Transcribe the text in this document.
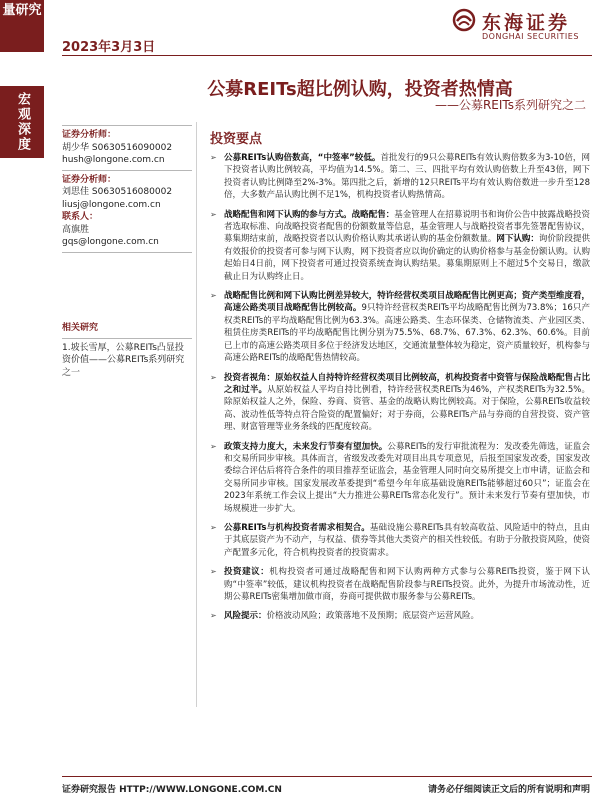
量研究
2023年3月3日
东海证券
DONGHAI SECURITIES
宏观深度
公募REITs超比例认购，投资者热情高
——公募REITs系列研究之二
证券分析师：
胡少华 S0630516090002
hush@longone.com.cn
证券分析师：
刘思佳 S0630516080002
liusj@longone.com.cn
联系人：
高旗胜
gqs@longone.com.cn
相关研究
1.坡长雪厚，公募REITs凸显投资价值——公募REITs系列研究之一
投资要点
➢ 公募REITs认购倍数高，“中签率”较低。首批发行的9只公募REITs有效认购倍数多为3-10倍，网下投资者认购比例较高，平均值为14.5%。第二、三、四批平均有效认购倍数上升至43倍，网下投资者认购比例降至2%-3%。第四批之后，新增的12只REITs平均有效认购倍数进一步升至128倍，大多数产品认购比例不足1%，机构投资者认购热情高。
➢ 战略配售和网下认购的参与方式。战略配售：基金管理人在招募说明书和询价公告中披露战略投资者选取标准、向战略投资者配售的份额数量等信息，基金管理人与战略投资者事先签署配售协议，募集期结束前，战略投资者以认购价格认购其承诺认购的基金份额数量。网下认购：询价阶段提供有效报价的投资者可参与网下认购，网下投资者应以询价确定的认购价格参与基金份额认购。认购起始日4日前，网下投资者可通过投资系统查询认购结果。募集期原则上不超过5个交易日，缴款截止日为认购终止日。
➢ 战略配售比例和网下认购比例差异较大，特许经营权类项目战略配售比例更高；资产类型维度看，高速公路类项目战略配售比例较高。9只特许经营权类REITs平均战略配售比例为73.8%；16只产权类REITs的平均战略配售比例为63.3%。高速公路类、生态环保类、仓储物流类、产业园区类、租赁住房类REITs的平均战略配售比例分别为75.5%、68.7%、67.3%、62.3%、60.6%。目前已上市的高速公路类项目多位于经济发达地区，交通流量整体较为稳定，资产质量较好，机构参与高速公路REITs的战略配售热情较高。
➢ 投资者视角：原始权益人自持特许经营权类项目比例较高，机构投资者中资管与保险战略配售占比之和过半。从原始权益人平均自持比例看，特许经营权类REITs为46%，产权类REITs为32.5%。除原始权益人之外，保险、券商、资管、基金的战略认购比例较高。对于保险，公募REITs收益较高、波动性低等特点符合险资的配置偏好；对于券商，公募REITs产品与券商的自营投资、资产管理、财富管理等业务条线的匹配度较高。
➢ 政策支持力度大，未来发行节奏有望加快。公募REITs的发行审批流程为：发改委先筛选，证监会和交易所同步审核。具体而言，省级发改委先对项目出具专项意见，后报至国家发改委，国家发改委综合评估后将符合条件的项目推荐至证监会，基金管理人同时向交易所提交上市申请，证监会和交易所同步审核。国家发展改革委提到“希望今年年底基础设施REITs能够超过60只”；证监会在2023年系统工作会议上提出“大力推进公募REITs常态化发行”。预计未来发行节奏有望加快，市场规模进一步扩大。
➢ 公募REITs与机构投资者需求相契合。基础设施公募REITs具有较高收益、风险适中的特点，且由于其底层资产为不动产，与权益、债券等其他大类资产的相关性较低。有助于分散投资风险，使资产配置多元化，符合机构投资者的投资需求。
➢ 投资建议：机构投资者可通过战略配售和网下认购两种方式参与公募REITs投资，鉴于网下认购“中签率”较低，建议机构投资者在战略配售阶段参与REITs投资。此外，为提升市场流动性，近期公募REITs密集增加做市商，券商可提供做市服务参与公募REITs。
➢ 风险提示：价格波动风险；政策落地不及预期；底层资产运营风险。
证券研究报告 HTTP://WWW.LONGONE.COM.CN	请务必仔细阅读正文后的所有说明和声明
